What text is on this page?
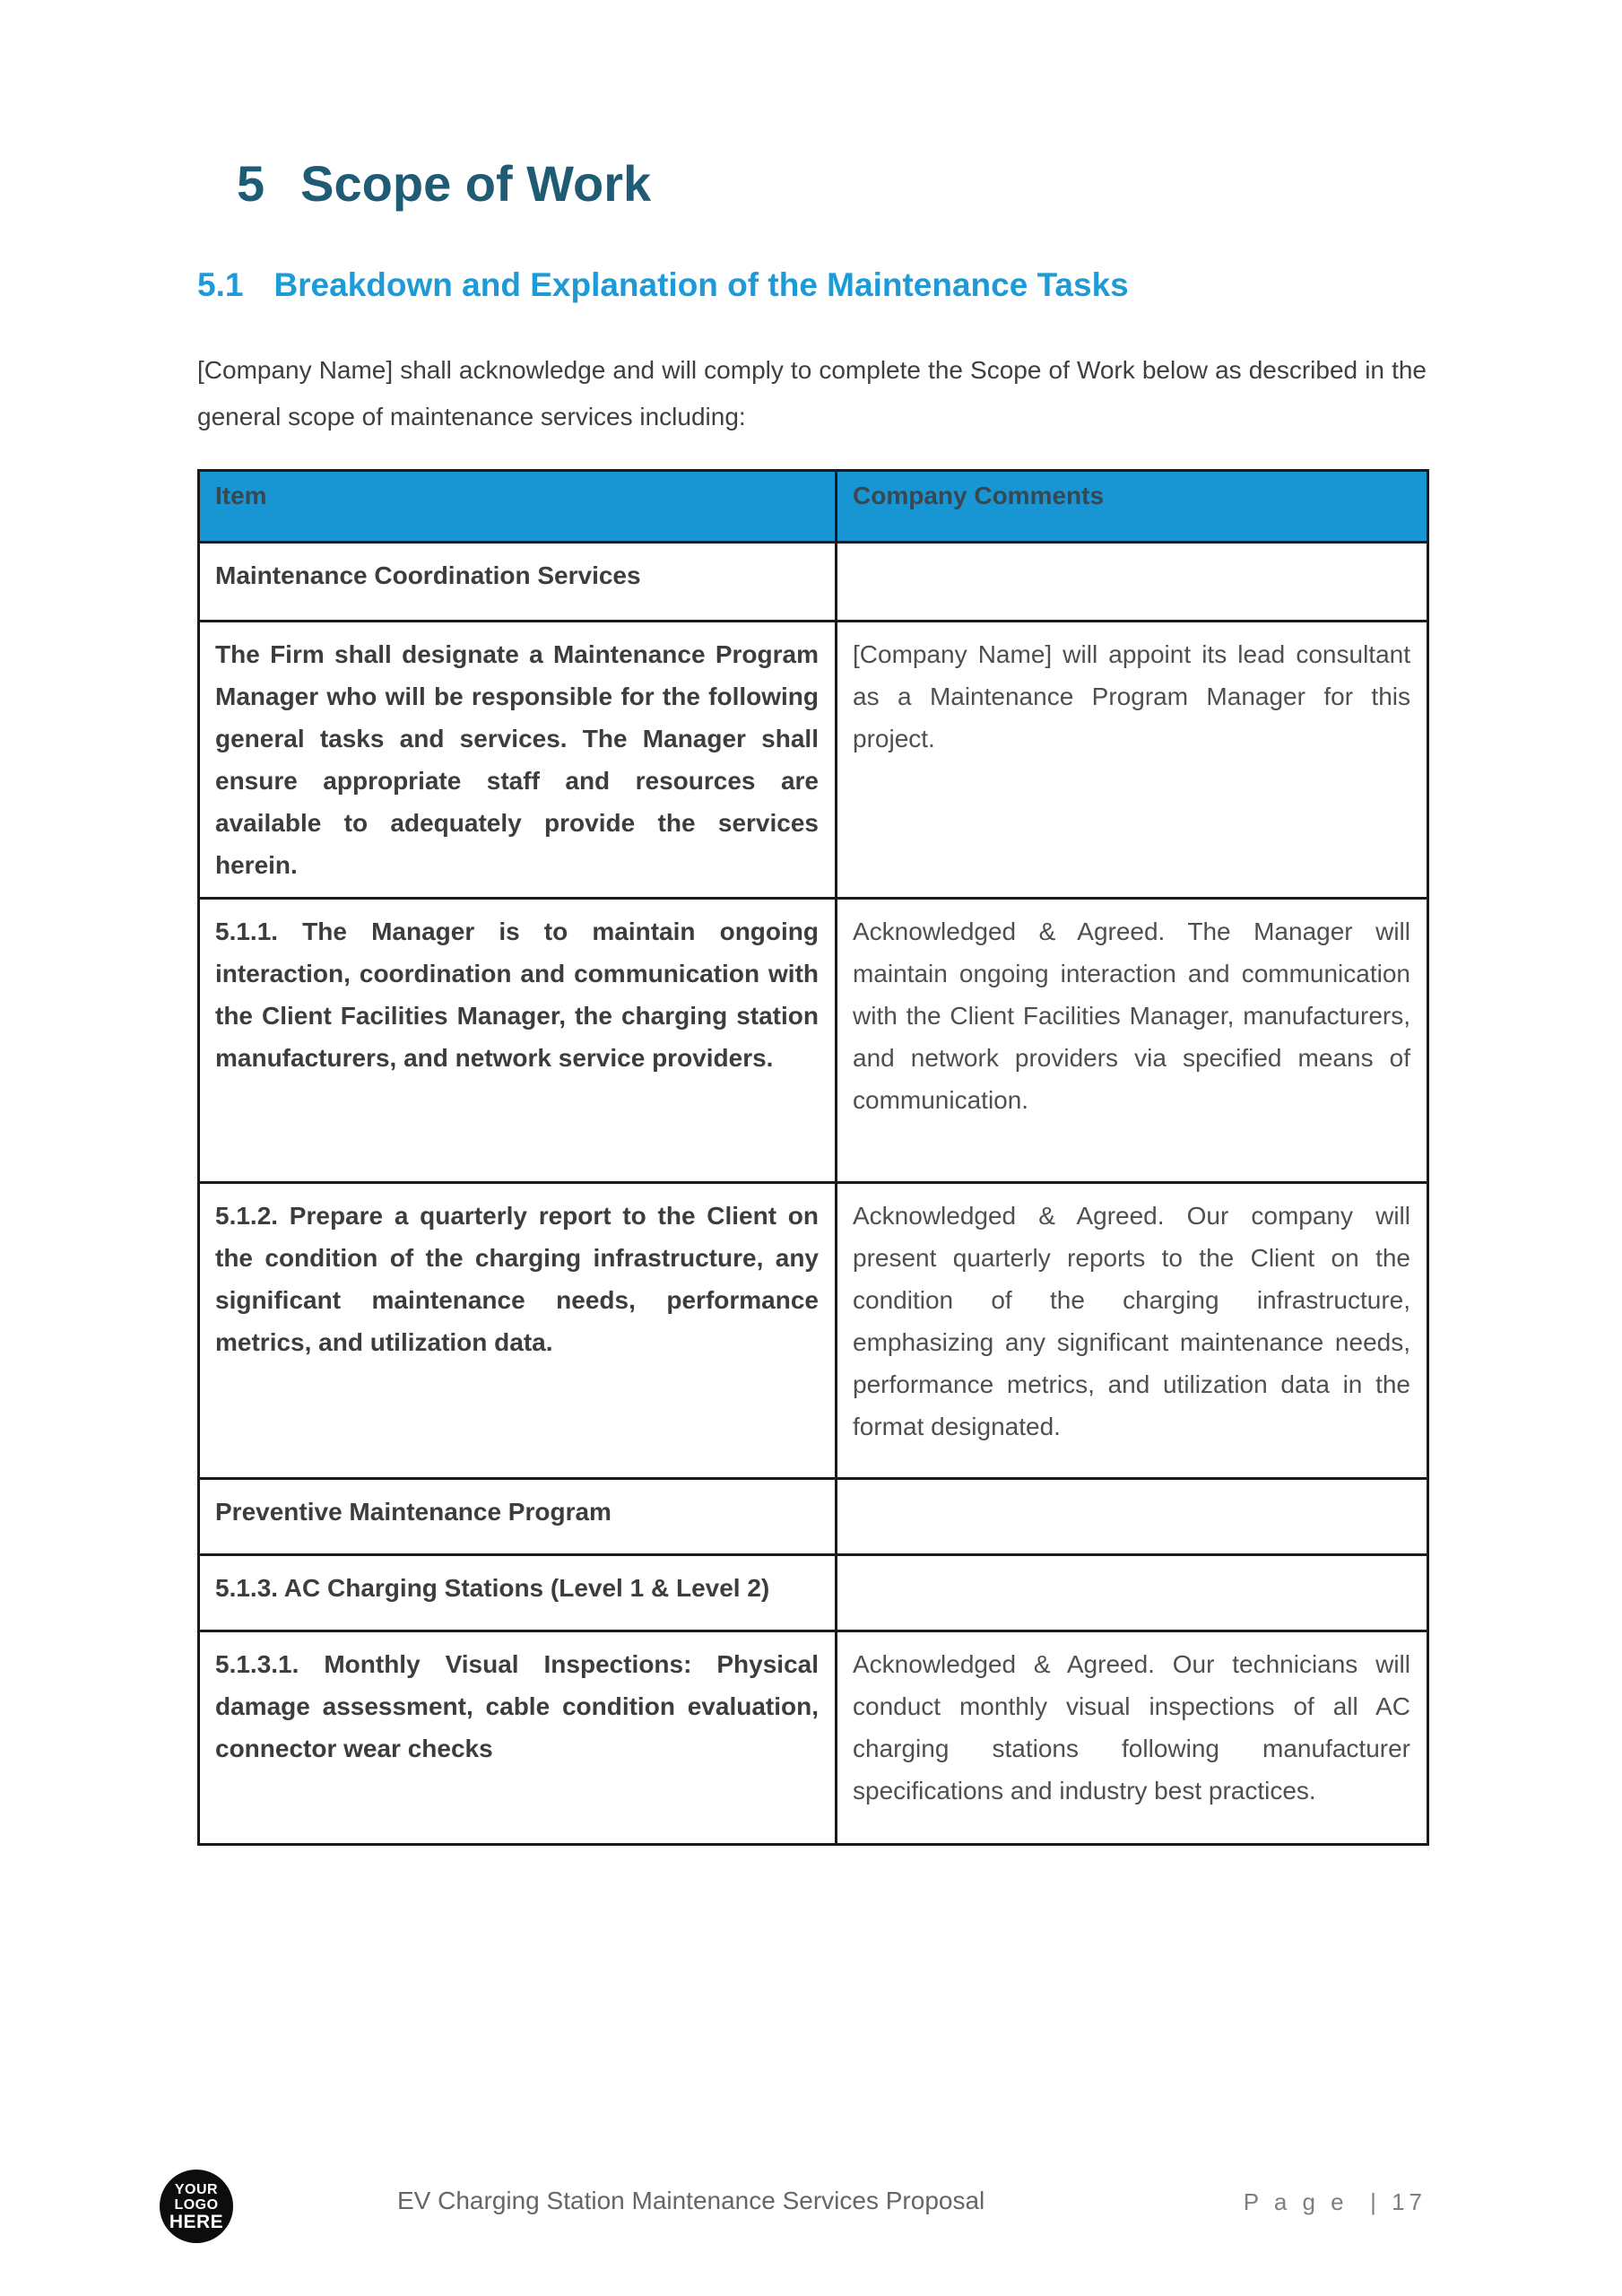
5 Scope of Work
5.1 Breakdown and Explanation of the Maintenance Tasks

[Company Name] shall acknowledge and will comply to complete the Scope of Work below as described in the general scope of maintenance services including:

Item	Company Comments
Maintenance Coordination Services	
The Firm shall designate a Maintenance Program Manager who will be responsible for the following general tasks and services. The Manager shall ensure appropriate staff and resources are available to adequately provide the services herein.	[Company Name] will appoint its lead consultant as a Maintenance Program Manager for this project.
5.1.1. The Manager is to maintain ongoing interaction, coordination and communication with the Client Facilities Manager, the charging station manufacturers, and network service providers.	Acknowledged & Agreed. The Manager will maintain ongoing interaction and communication with the Client Facilities Manager, manufacturers, and network providers via specified means of communication.
5.1.2. Prepare a quarterly report to the Client on the condition of the charging infrastructure, any significant maintenance needs, performance metrics, and utilization data.	Acknowledged & Agreed. Our company will present quarterly reports to the Client on the condition of the charging infrastructure, emphasizing any significant maintenance needs, performance metrics, and utilization data in the format designated.
Preventive Maintenance Program	
5.1.3. AC Charging Stations (Level 1 & Level 2)	
5.1.3.1. Monthly Visual Inspections: Physical damage assessment, cable condition evaluation, connector wear checks	Acknowledged & Agreed. Our technicians will conduct monthly visual inspections of all AC charging stations following manufacturer specifications and industry best practices.
YOUR
LOGO
HERE
EV Charging Station Maintenance Services Proposal	P a g e  | 17
